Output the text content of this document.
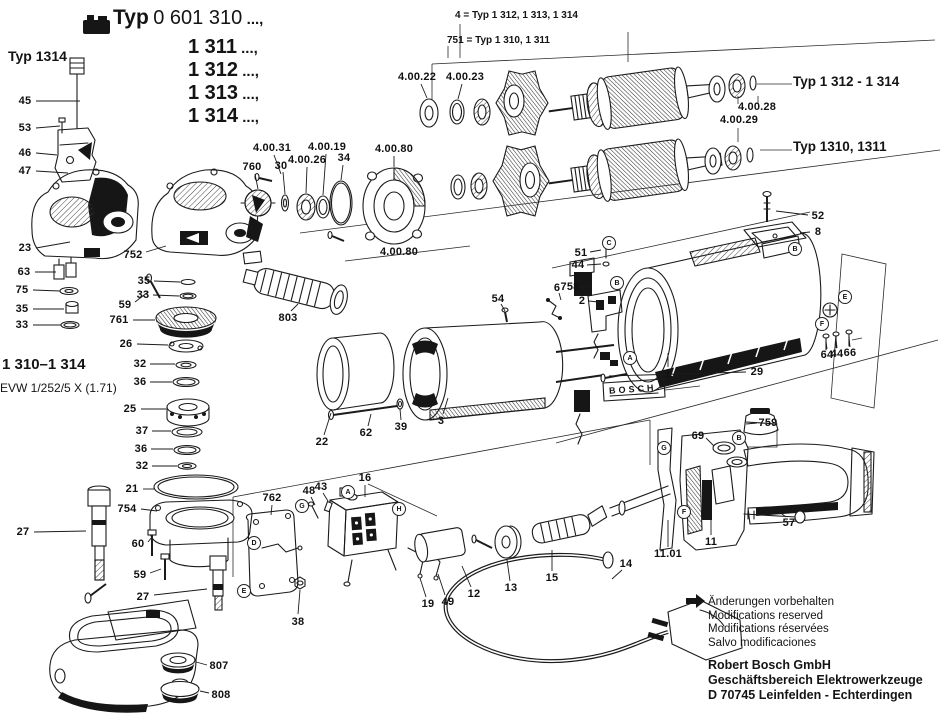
Typ 1314
Typ 0 601 310 ...,
1 311 ...,
1 312 ...,
1 313 ...,
1 314 ...,
4 = Typ 1 312, 1 313, 1 314
751 = Typ 1 310, 1 311
Typ 1 312 - 1 314
Typ 1310, 1311
1 310–1 314
EVW 1/252/5 X (1.71)	BOSCH
Änderungen vorbehalten
Modifications reserved
Modifications réservées
Salvo modificaciones
Robert Bosch GmbH
Geschäftsbereich Elektrowerkzeuge
D 70745 Leinfelden - Echterdingen
45
53
46
47
23
63
75
35
33
752
35
33
59
761
26
32
36
25
37
36
32
21
754
60
59
27
27
807
808
38
803
4.00.31
760 30 4.00.26
4.00.19
34
4.00.80
4.00.80
4.00.22 4.00.23
4.00.28
4.00.29
51
44
6 758
2
1
54
3
22
62 39
29
52
8
64
44 66
759
69
11.01
11
57
14
15
13
12
19 49
16
43
48
762
C
B
A
B
E
F
G
A
H
D
E
G
B
F
